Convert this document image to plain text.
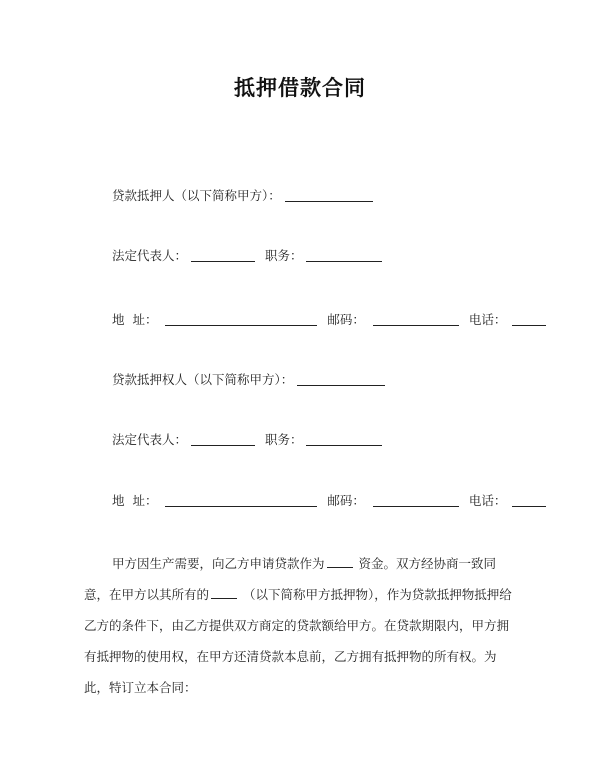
抵押借款合同
贷款抵押人（以下简称甲方）：
法定代表人：	职务：
地  址：	邮码：	电话：
贷款抵押权人（以下简称甲方）：
法定代表人：	职务：
地  址：	邮码：	电话：

甲方因生产需要，向乙方申请贷款作为 资金。双方经协商一致同意，在甲方以其所有的 （以下简称甲方抵押物），作为贷款抵押物抵押给乙方的条件下，由乙方提供双方商定的贷款额给甲方。在贷款期限内，甲方拥有抵押物的使用权，在甲方还清贷款本息前，乙方拥有抵押物的所有权。为此，特订立本合同：
